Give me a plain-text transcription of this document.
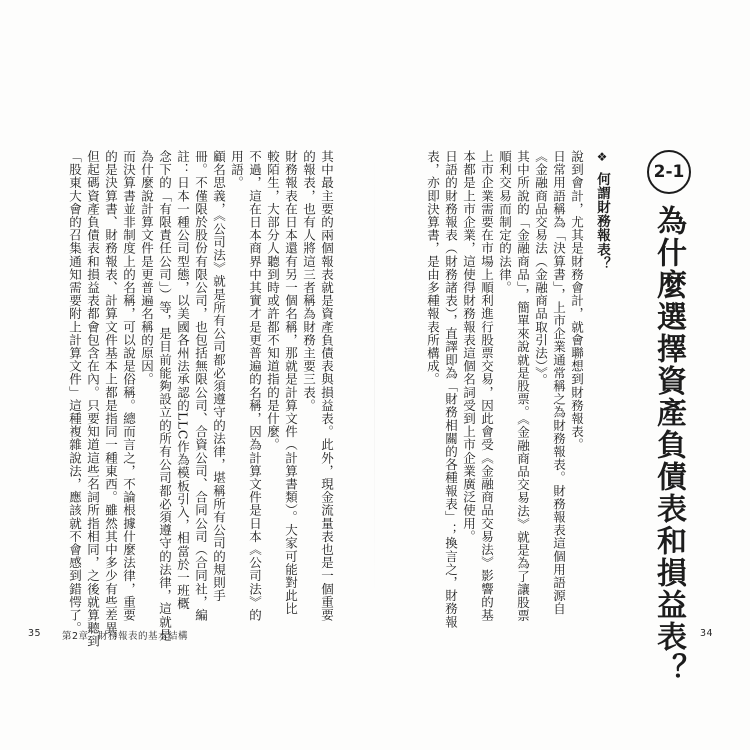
2-1
為什麼選擇資產負債表和損益表？
❖ 何謂財務報表？
說到會計，尤其是財務會計，就會聯想到財務報表。
日常用語稱為「決算書」，上市企業通常稱之為財務報表。財務報表這個用語源自
《金融商品交易法（金融商品取引法）》。
其中所說的「金融商品」，簡單來說就是股票。《金融商品交易法》就是為了讓股票
順利交易而制定的法律。
上市企業需要在市場上順利進行股票交易，因此會受《金融商品交易法》影響的基
本都是上市企業，這使得財務報表這個名詞受到上市企業廣泛使用。
日語的財務報表（財務諸表），直譯即為「財務相關的各種報表」；換言之，財務報
表，亦即決算書，是由多種報表所構成。
34
其中最主要的兩個報表就是資產負債表與損益表。此外，現金流量表也是一個重要
的報表，也有人將這三者稱為財務主要三表。
財務報表在日本還有另一個名稱，那就是計算文件（計算書類）。大家可能對此比
較陌生，大部分人聽到時或許都不知道指的是什麼。
不過，這在日本商界中其實才是更普遍的名稱，因為計算文件是日本《公司法》的
用語。
顧名思義，《公司法》就是所有公司都必須遵守的法律，堪稱所有公司的規則手
冊。不僅限於股份有限公司，也包括無限公司、合資公司、合同公司（合同社，編
註：日本一種公司型態，以美國各州法承認的LLC作為模板引入，相當於一班概
念下的「有限責任公司」）等，是目前能夠設立的所有公司都必須遵守的法律，這就是
為什麼說計算文件是更普遍名稱的原因。
而決算書並非制度上的名稱，可以說是俗稱。總而言之，不論根據什麼法律，重要
的是決算書、財務報表、計算文件基本上都是指同一種東西。雖然其中多少有些差異，
但起碼資產負債表和損益表都會包含在內。只要知道這些名詞所指相同，之後就算聽到
「股東大會的召集通知需要附上計算文件」這種複雜說法，應該就不會感到錯愕了。
35 第2章 財務報表的基本結構
